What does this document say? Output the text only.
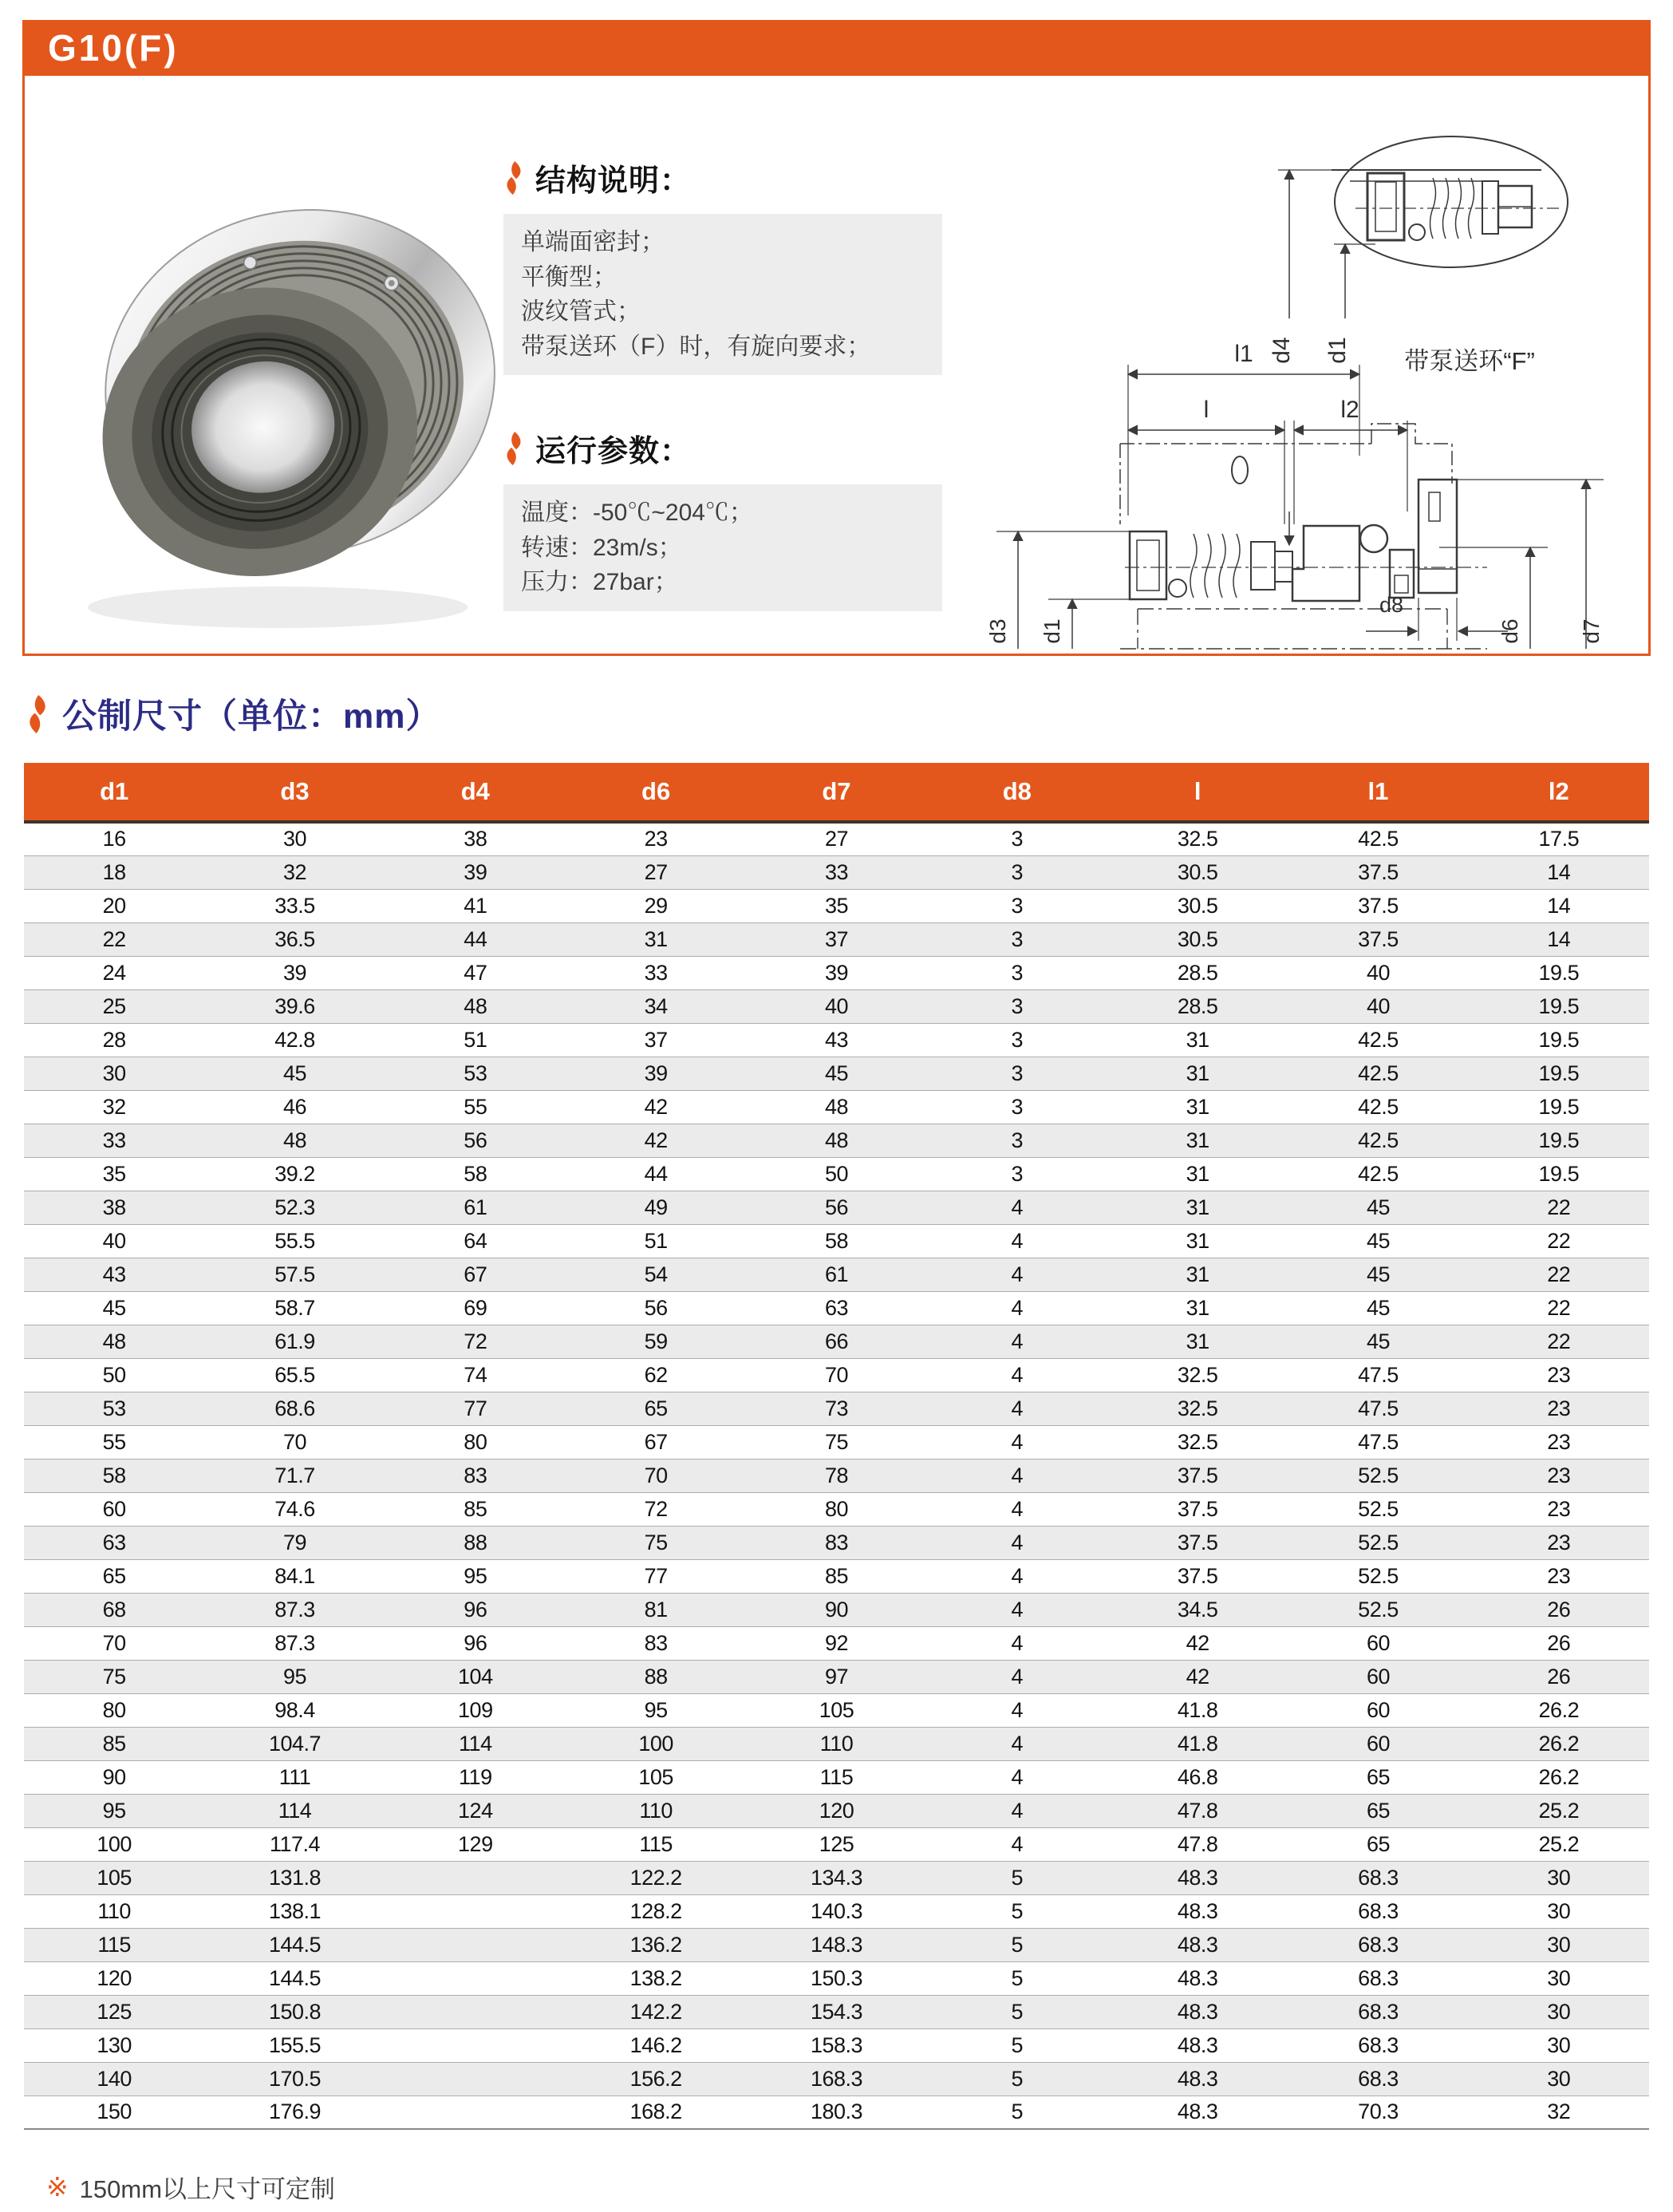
G10(F)
结构说明：
单端面密封；
平衡型；
波纹管式；
带泵送环（F）时，有旋向要求；
运行参数：
温度：-50℃~204℃；
转速：23m/s；
压力：27bar；
d4 d1 带泵送环“F”
l1
l	l2
d8
d3 d1	d7
d6
公制尺寸（单位：mm）
d1	d3	d4	d6	d7	d8	l	l1	l2
16	30	38	23	27	3	32.5	42.5	17.5
18	32	39	27	33	3	30.5	37.5	14
20	33.5	41	29	35	3	30.5	37.5	14
22	36.5	44	31	37	3	30.5	37.5	14
24	39	47	33	39	3	28.5	40	19.5
25	39.6	48	34	40	3	28.5	40	19.5
28	42.8	51	37	43	3	31	42.5	19.5
30	45	53	39	45	3	31	42.5	19.5
32	46	55	42	48	3	31	42.5	19.5
33	48	56	42	48	3	31	42.5	19.5
35	39.2	58	44	50	3	31	42.5	19.5
38	52.3	61	49	56	4	31	45	22
40	55.5	64	51	58	4	31	45	22
43	57.5	67	54	61	4	31	45	22
45	58.7	69	56	63	4	31	45	22
48	61.9	72	59	66	4	31	45	22
50	65.5	74	62	70	4	32.5	47.5	23
53	68.6	77	65	73	4	32.5	47.5	23
55	70	80	67	75	4	32.5	47.5	23
58	71.7	83	70	78	4	37.5	52.5	23
60	74.6	85	72	80	4	37.5	52.5	23
63	79	88	75	83	4	37.5	52.5	23
65	84.1	95	77	85	4	37.5	52.5	23
68	87.3	96	81	90	4	34.5	52.5	26
70	87.3	96	83	92	4	42	60	26
75	95	104	88	97	4	42	60	26
80	98.4	109	95	105	4	41.8	60	26.2
85	104.7	114	100	110	4	41.8	60	26.2
90	111	119	105	115	4	46.8	65	26.2
95	114	124	110	120	4	47.8	65	25.2
100	117.4	129	115	125	4	47.8	65	25.2
105	131.8		122.2	134.3	5	48.3	68.3	30
110	138.1		128.2	140.3	5	48.3	68.3	30
115	144.5		136.2	148.3	5	48.3	68.3	30
120	144.5		138.2	150.3	5	48.3	68.3	30
125	150.8		142.2	154.3	5	48.3	68.3	30
130	155.5		146.2	158.3	5	48.3	68.3	30
140	170.5		156.2	168.3	5	48.3	68.3	30
150	176.9		168.2	180.3	5	48.3	70.3	32
※ 150mm以上尺寸可定制
